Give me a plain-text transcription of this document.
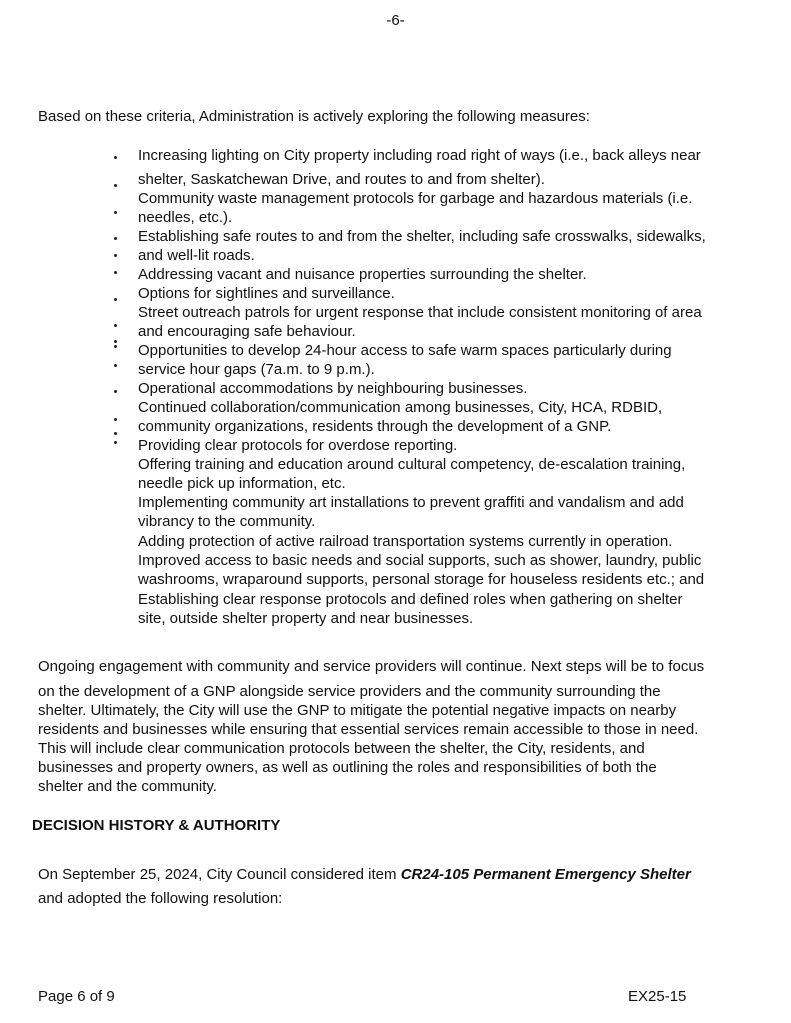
-6-
Based on these criteria, Administration is actively exploring the following measures:
Increasing lighting on City property including road right of ways (i.e., back alleys near
shelter, Saskatchewan Drive, and routes to and from shelter).
Community waste management protocols for garbage and hazardous materials (i.e.
needles, etc.).
Establishing safe routes to and from the shelter, including safe crosswalks, sidewalks,
and well-lit roads.
Addressing vacant and nuisance properties surrounding the shelter.
Options for sightlines and surveillance.
Street outreach patrols for urgent response that include consistent monitoring of area
and encouraging safe behaviour.
Opportunities to develop 24-hour access to safe warm spaces particularly during
service hour gaps (7a.m. to 9 p.m.).
Operational accommodations by neighbouring businesses.
Continued collaboration/communication among businesses, City, HCA, RDBID,
community organizations, residents through the development of a GNP.
Providing clear protocols for overdose reporting.
Offering training and education around cultural competency, de-escalation training,
needle pick up information, etc.
Implementing community art installations to prevent graffiti and vandalism and add
vibrancy to the community.
Adding protection of active railroad transportation systems currently in operation.
Improved access to basic needs and social supports, such as shower, laundry, public
washrooms, wraparound supports, personal storage for houseless residents etc.; and
Establishing clear response protocols and defined roles when gathering on shelter
site, outside shelter property and near businesses.
Ongoing engagement with community and service providers will continue. Next steps will be to focus
on the development of a GNP alongside service providers and the community surrounding the
shelter. Ultimately, the City will use the GNP to mitigate the potential negative impacts on nearby
residents and businesses while ensuring that essential services remain accessible to those in need.
This will include clear communication protocols between the shelter, the City, residents, and
businesses and property owners, as well as outlining the roles and responsibilities of both the
shelter and the community.
DECISION HISTORY & AUTHORITY
On September 25, 2024, City Council considered item CR24-105 Permanent Emergency Shelter
and adopted the following resolution:
Page 6 of 9	EX25-15
